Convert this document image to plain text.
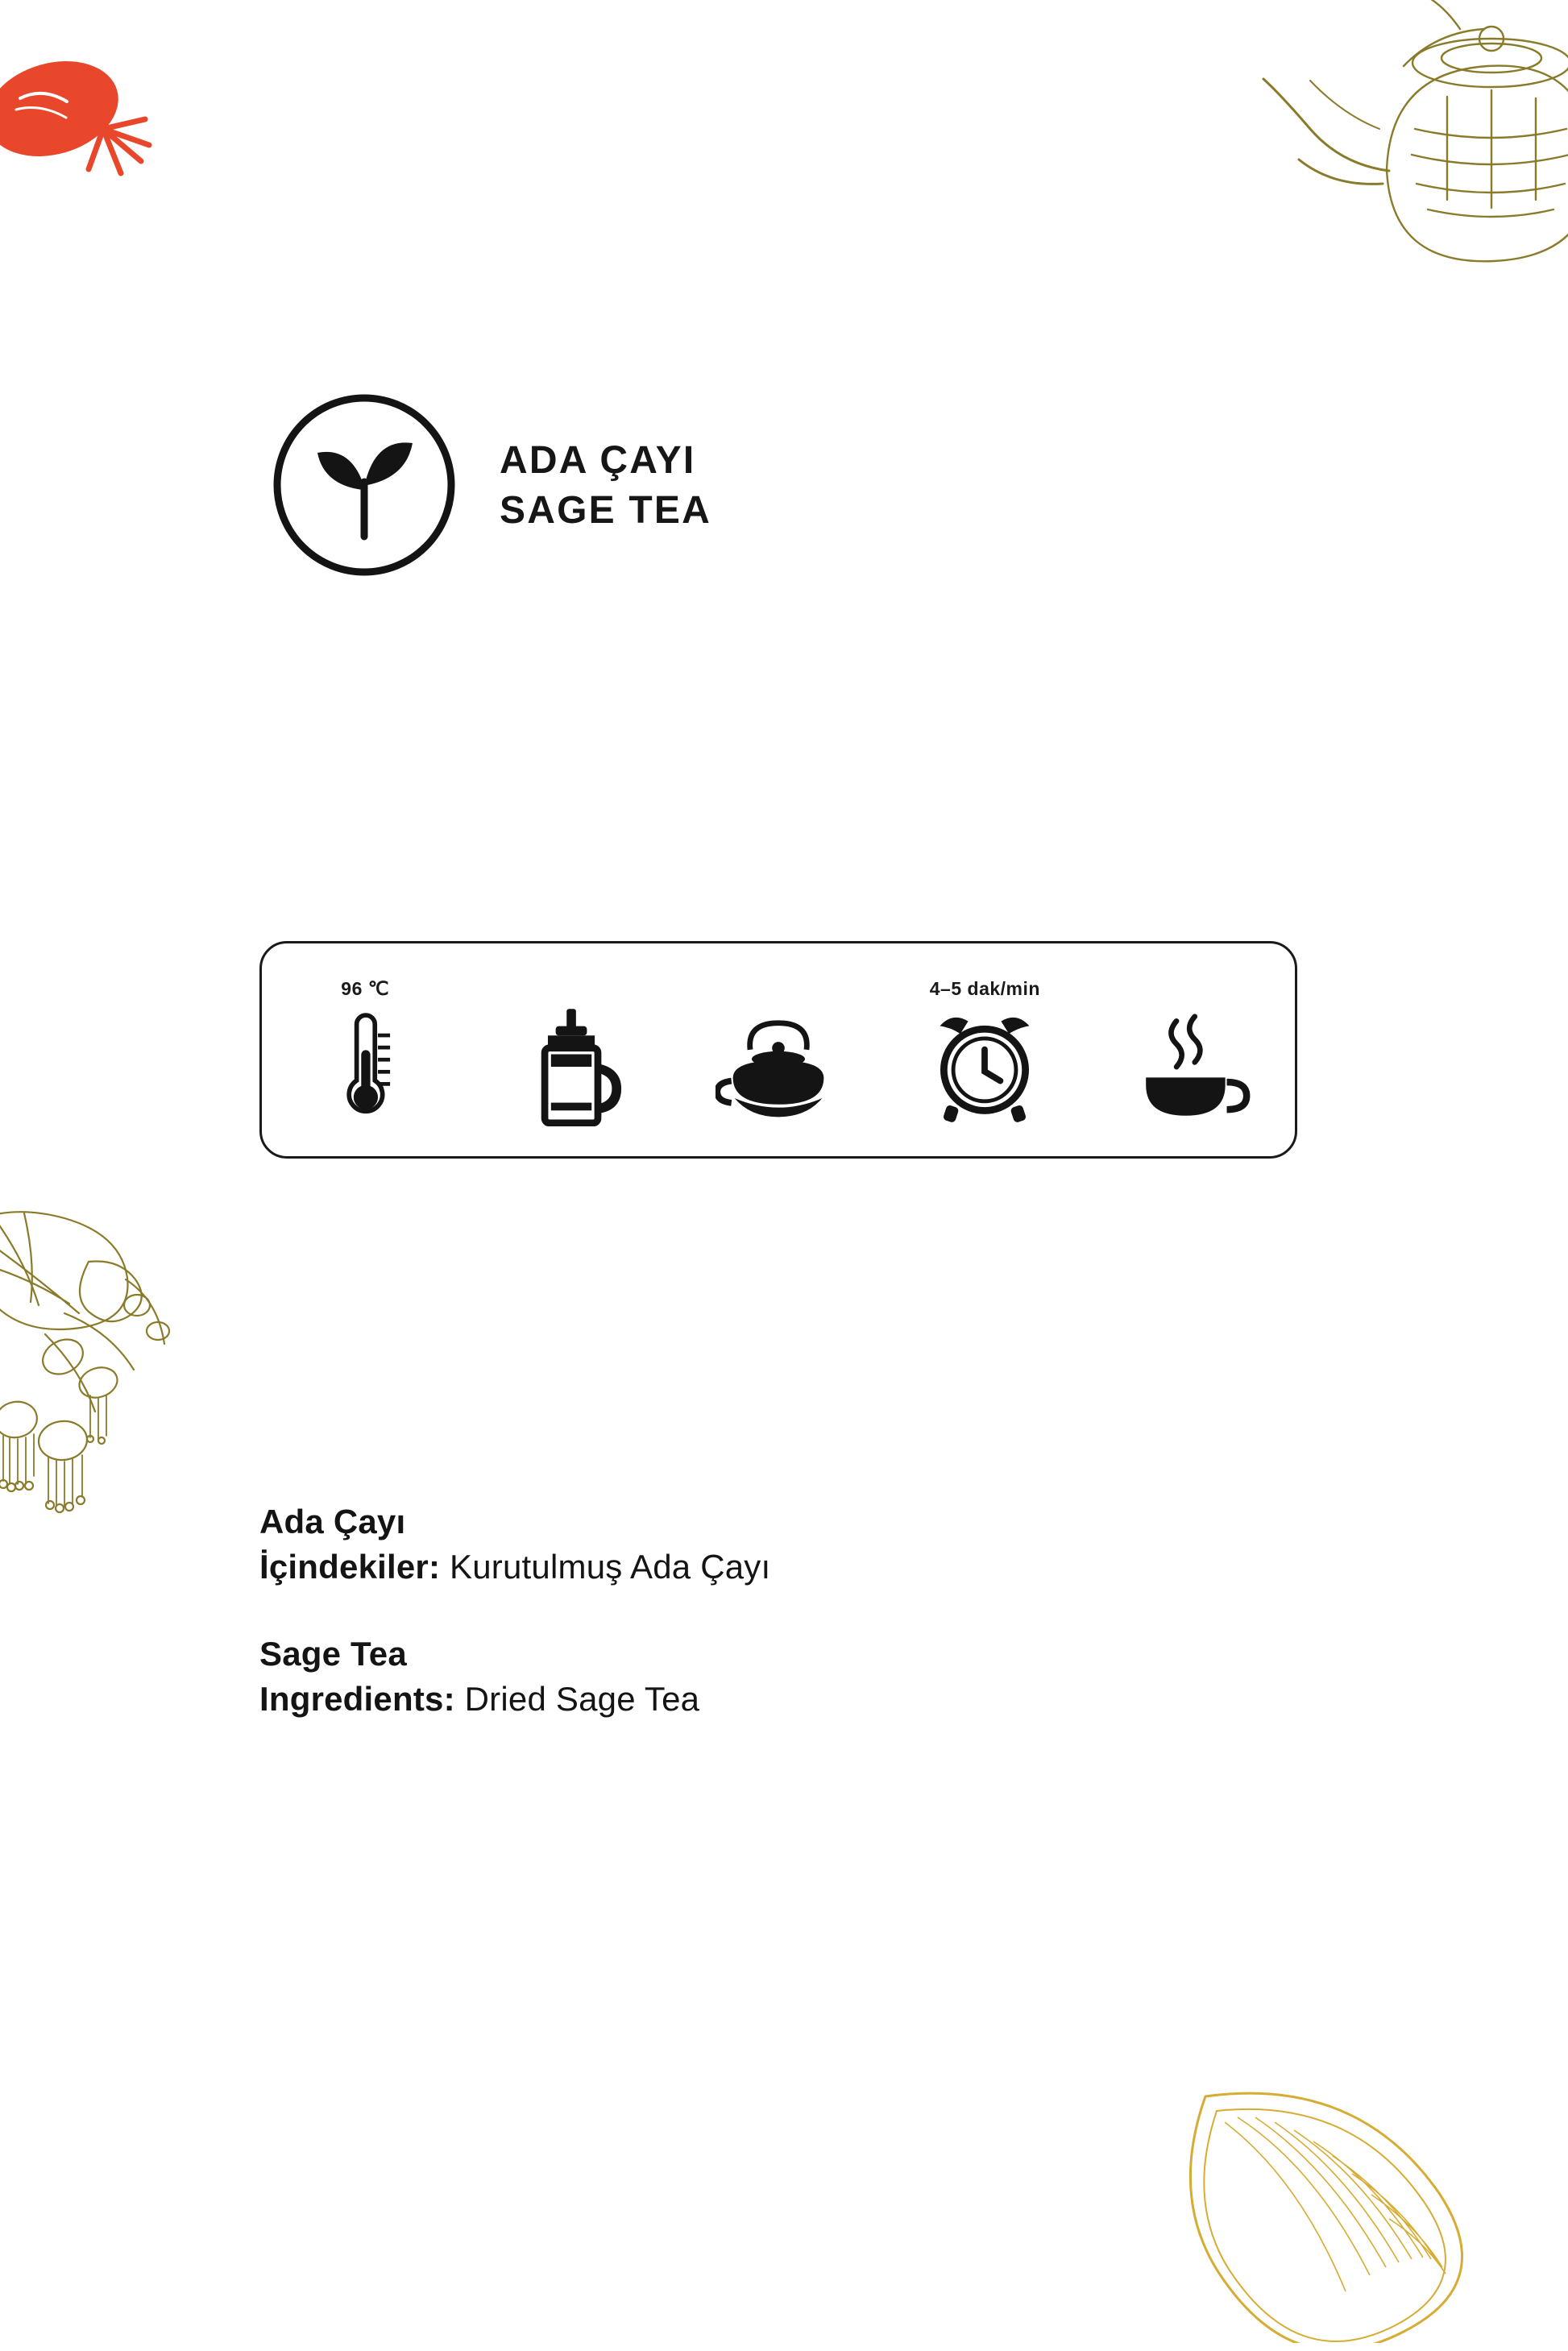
ADA ÇAYI
SAGE TEA
96 ℃	4–5 dak/min
Ada Çayı
İçindekiler: Kurutulmuş Ada Çayı
Sage Tea
Ingredients: Dried Sage Tea
